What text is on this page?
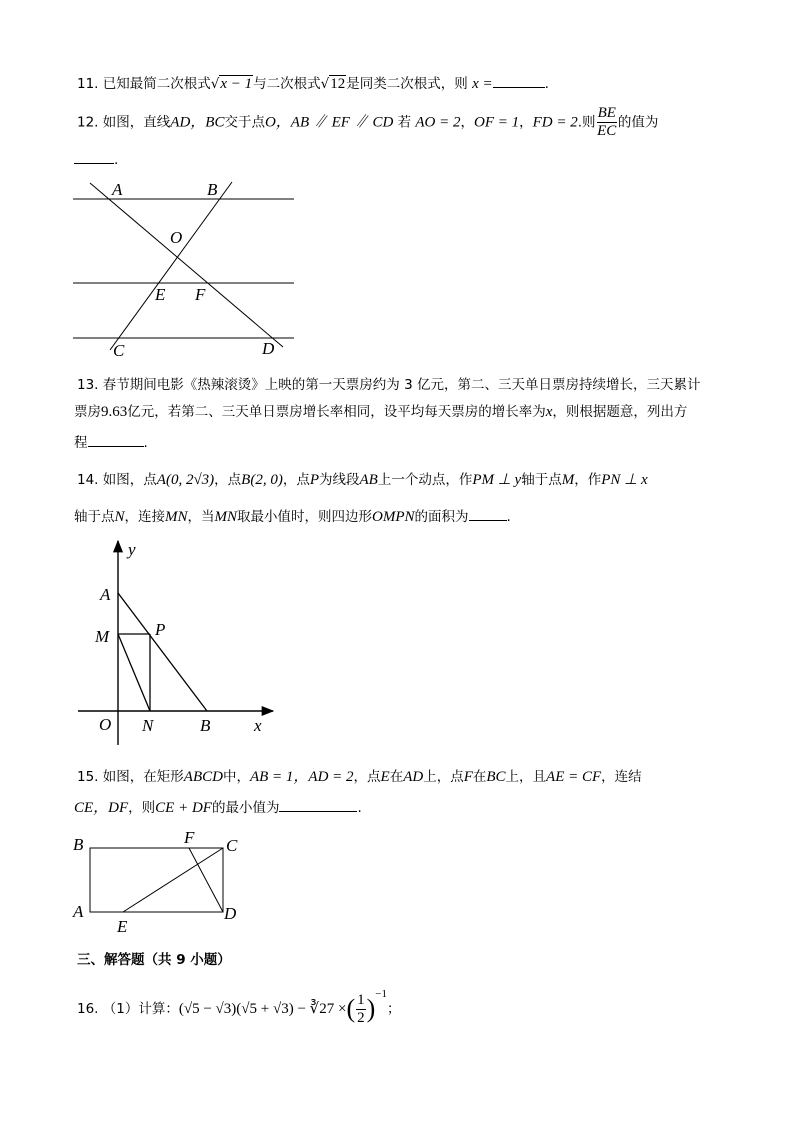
11. 已知最简二次根式√x − 1与二次根式√12是同类二次根式，则 x =	.
12. 如图，直线AD，BC交于点O，AB ∥ EF ∥ CD 若 AO = 2，OF = 1，FD = 2.则 $\frac{BE}{EC}$ 的值为
.
A	B
O
E F
C	D
13. 春节期间电影《热辣滚烫》上映的第一天票房约为 3 亿元，第二、三天单日票房持续增长，三天累计
票房9.63亿元，若第二、三天单日票房增长率相同，设平均每天票房的增长率为x，则根据题意，列出方
程	.
14. 如图，点A(0, 2√3)，点B(2, 0)，点P为线段AB上一个动点，作PM ⊥ y轴于点M，作PN ⊥ x
轴于点N，连接MN，当MN取最小值时，则四边形OMPN的面积为	.
y
A
M	P
O N	B	x
15. 如图，在矩形ABCD中，AB = 1，AD = 2，点E在AD上，点F在BC上，且AE = CF，连结
CE，DF，则CE + DF的最小值为	.
B	F C
A
E
D
三、解答题（共 9 小题）
16. （1）计算：(√5 − √3)(√5 + √3) − ∛27 ×( $\frac{1}{2} )^{-1}$；
